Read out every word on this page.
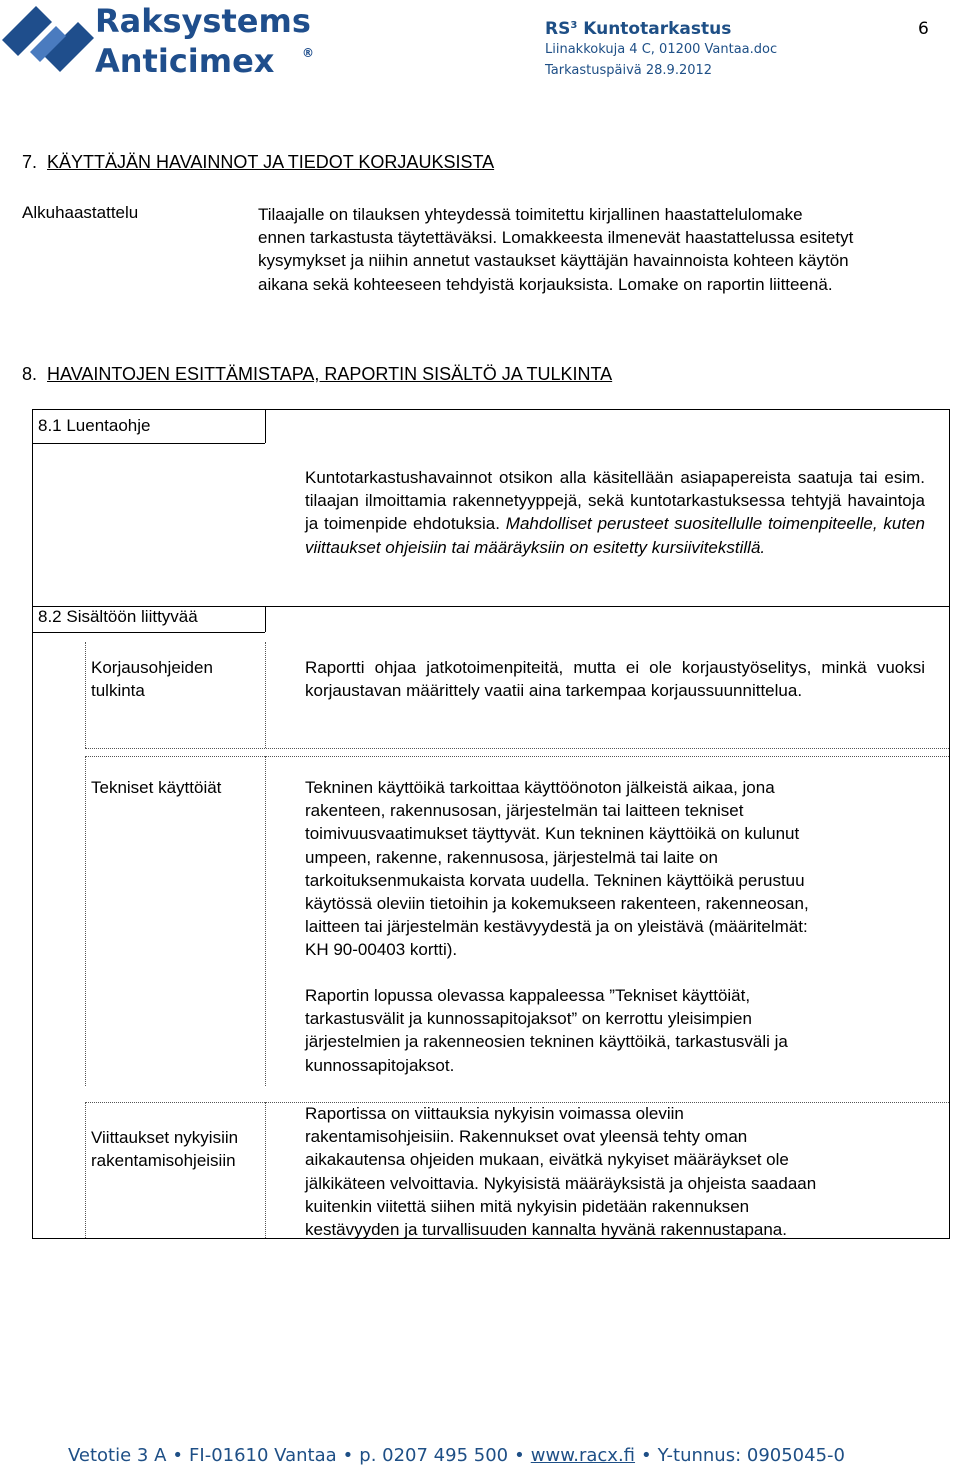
Raksystems
Anticimex ®
$RS^3$ Kuntotarkastus
Liinakkokuja 4 C, 01200 Vantaa.doc
Tarkastuspäivä 28.9.2012
6
7. KÄYTTÄJÄN HAVAINNOT JA TIEDOT KORJAUKSISTA
Alkuhaastattelu	Tilaajalle on tilauksen yhteydessä toimitettu kirjallinen haastattelulomake
ennen tarkastusta täytettäväksi. Lomakkeesta ilmenevät haastattelussa esitetyt
kysymykset ja niihin annetut vastaukset käyttäjän havainnoista kohteen käytön
aikana sekä kohteeseen tehdyistä korjauksista. Lomake on raportin liitteenä.
8. HAVAINTOJEN ESITTÄMISTAPA, RAPORTIN SISÄLTÖ JA TULKINTA
8.1 Luentaohje
Kuntotarkastushavainnot otsikon alla käsitellään asiapapereista saatuja tai esim. tilaajan ilmoittamia rakennetyyppejä, sekä kuntotarkastuksessa tehtyjä havaintoja ja toimenpide ehdotuksia. Mahdolliset perusteet suositellulle toimenpiteelle, kuten viittaukset ohjeisiin tai määräyksiin on esitetty kursiivitekstillä.
8.2 Sisältöön liittyvää
Korjausohjeiden
tulkinta
Raportti ohjaa jatkotoimenpiteitä, mutta ei ole korjaustyöselitys, minkä vuoksi korjaustavan määrittely vaatii aina tarkempaa korjaussuunnittelua.
Tekniset käyttöiät	Tekninen käyttöikä tarkoittaa käyttöönoton jälkeistä aikaa, jona
rakenteen, rakennusosan, järjestelmän tai laitteen tekniset
toimivuusvaatimukset täyttyvät. Kun tekninen käyttöikä on kulunut
umpeen, rakenne, rakennusosa, järjestelmä tai laite on
tarkoituksenmukaista korvata uudella. Tekninen käyttöikä perustuu
käytössä oleviin tietoihin ja kokemukseen rakenteen, rakenneosan,
laitteen tai järjestelmän kestävyydestä ja on yleistävä (määritelmät:
KH 90-00403 kortti).
Raportin lopussa olevassa kappaleessa ”Tekniset käyttöiät,
tarkastusvälit ja kunnossapitojaksot” on kerrottu yleisimpien
järjestelmien ja rakenneosien tekninen käyttöikä, tarkastusväli ja
kunnossapitojaksot.
Viittaukset nykyisiin
rakentamisohjeisiin
Raportissa on viittauksia nykyisin voimassa oleviin
rakentamisohjeisiin. Rakennukset ovat yleensä tehty oman
aikakautensa ohjeiden mukaan, eivätkä nykyiset määräykset ole
jälkikäteen velvoittavia. Nykyisistä määräyksistä ja ohjeista saadaan
kuitenkin viitettä siihen mitä nykyisin pidetään rakennuksen
kestävyyden ja turvallisuuden kannalta hyvänä rakennustapana.
Vetotie 3 A • FI-01610 Vantaa • p. 0207 495 500 • www.racx.fi • Y-tunnus: 0905045-0
